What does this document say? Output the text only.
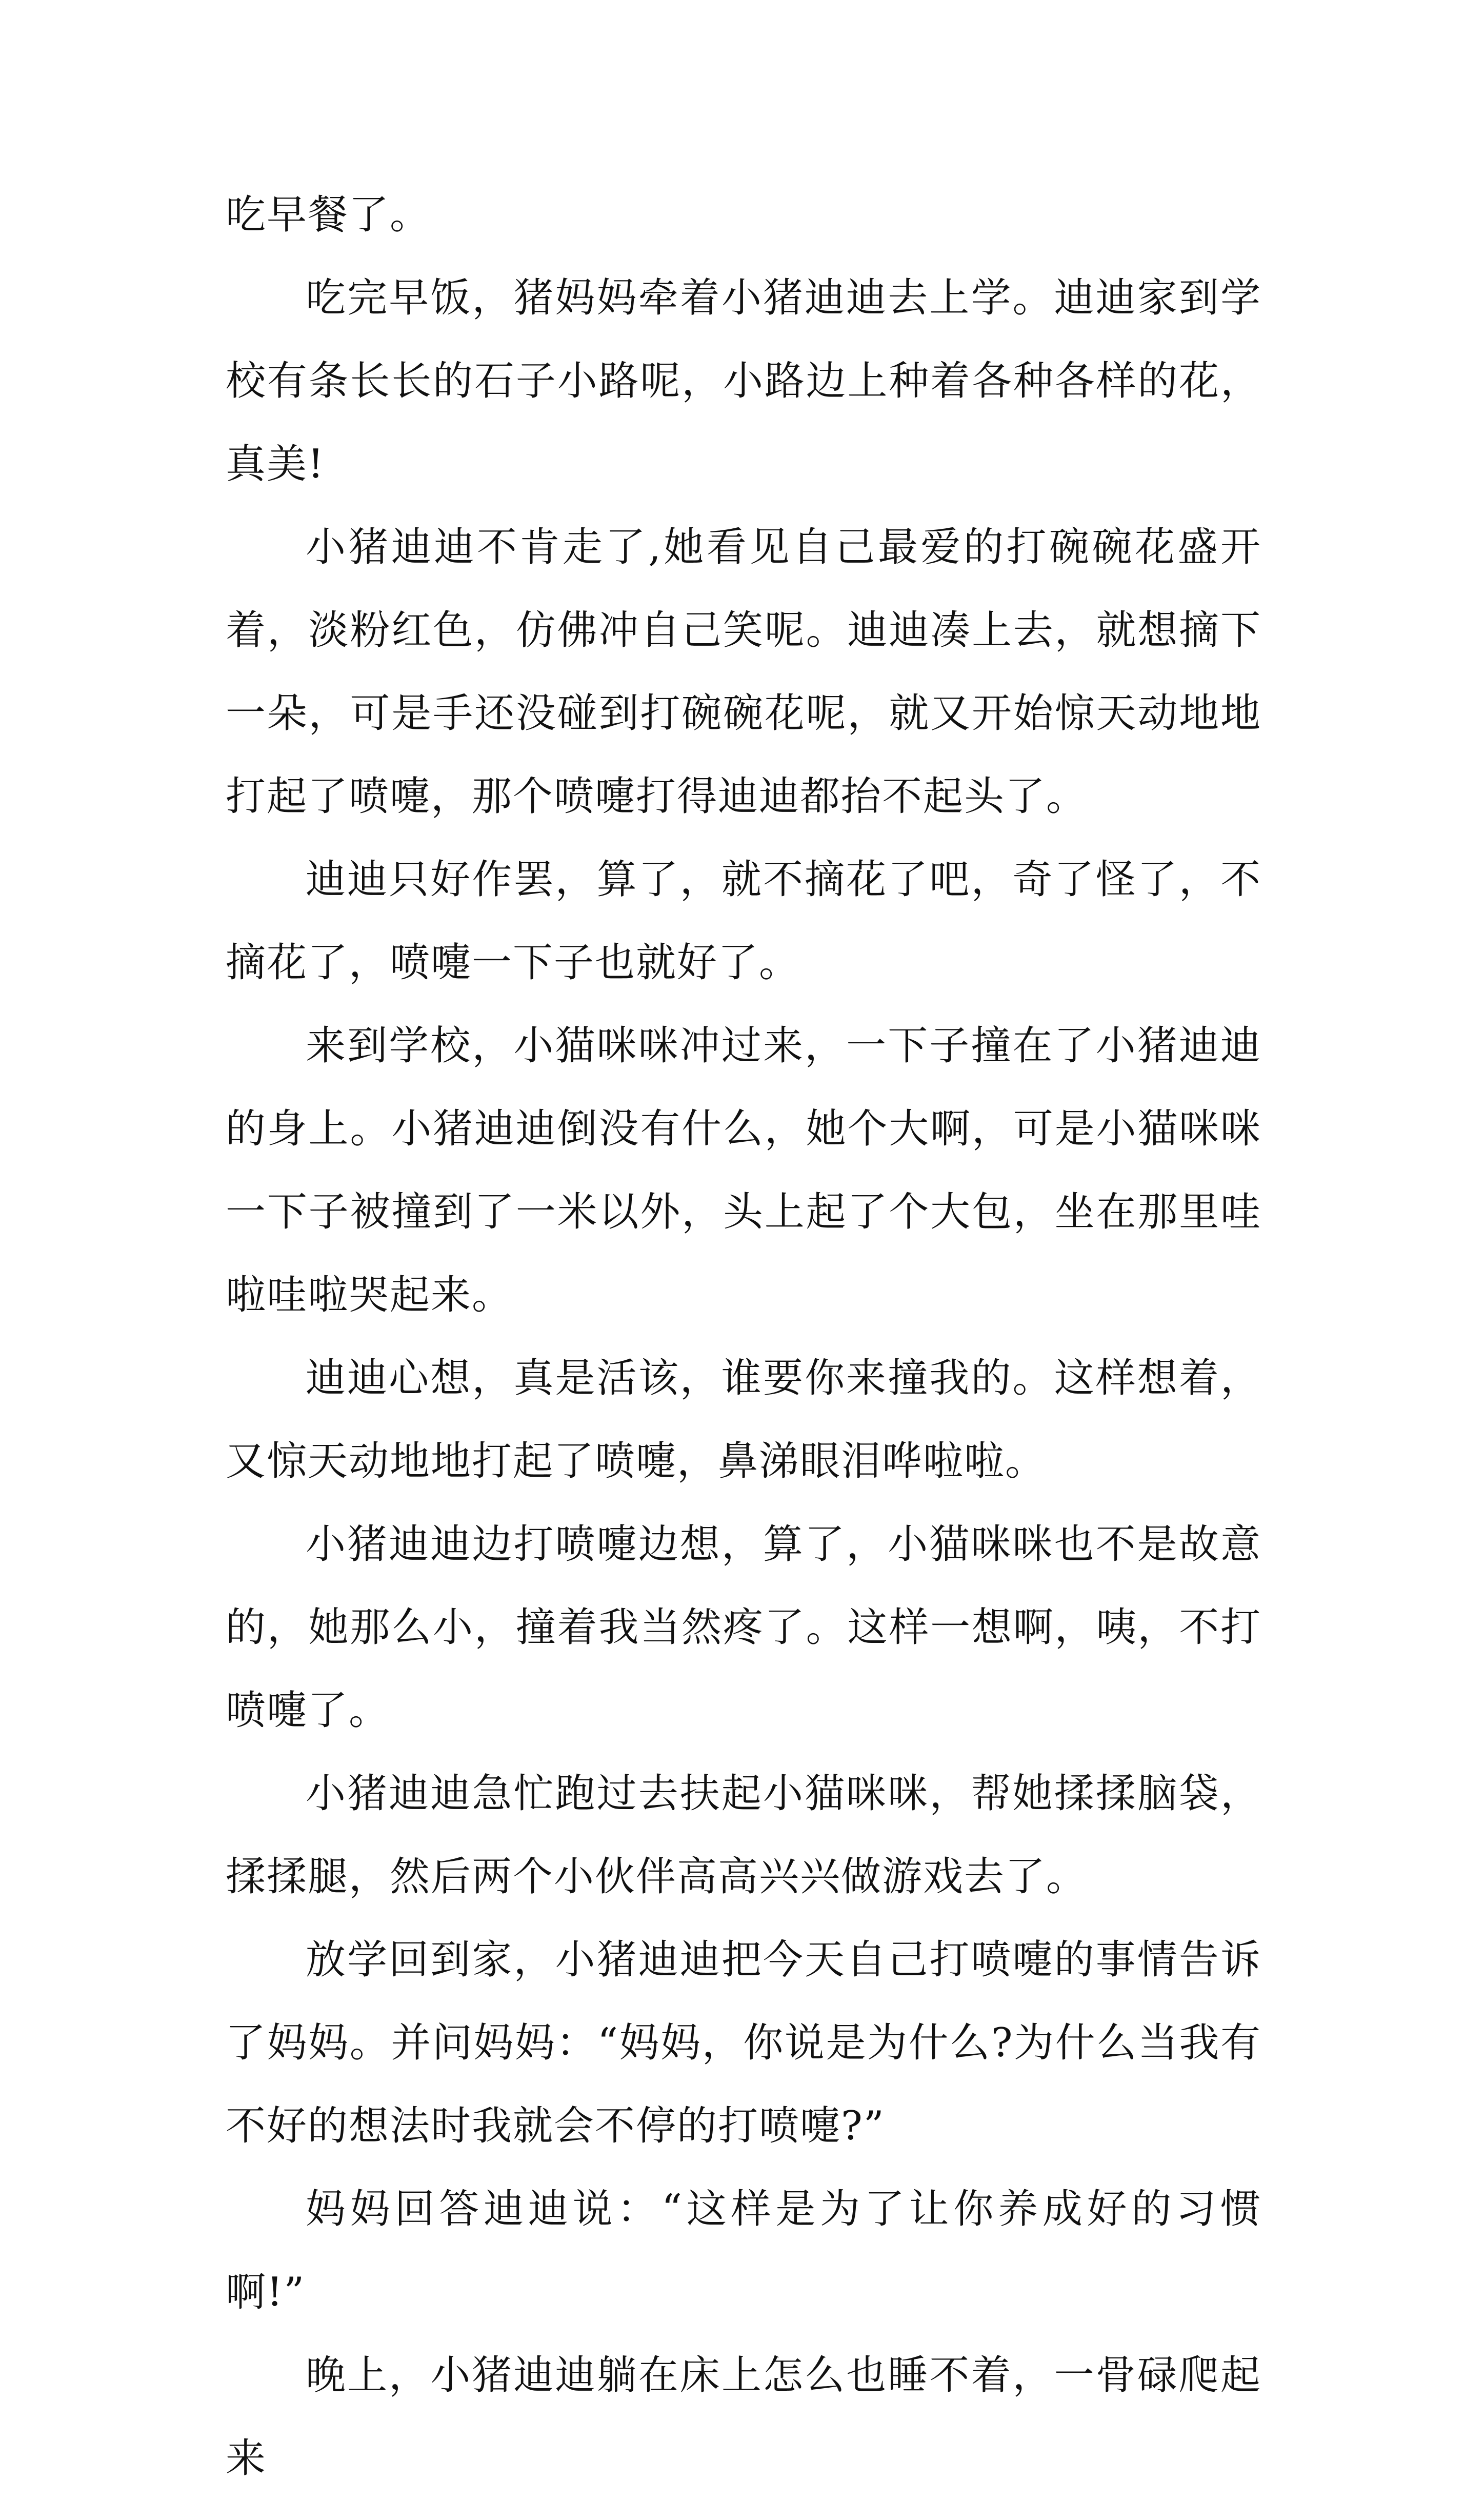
吃早餐了。

吃完早饭，猪妈妈牵着小猪迪迪去上学。迪迪家到学校有条长长的石子小路呢，小路边上种着各种各样的花，真美!

小猪迪迪不肯走了,她看见自己最爱的打碗碗花盛开着，淡粉红色，仿佛冲自己笑呢。迪迪凑上去，就想摘下一朵，可是手还没碰到打碗碗花呢，就又开始惊天动地地打起了喷嚏，那个喷嚏打得迪迪都抬不起头了。

迪迪只好作罢，算了，就不摘花了吧，奇了怪了，不摘花了，喷嚏一下子也就好了。

来到学校，小猫咪咪冲过来，一下子撞在了小猪迪迪的身上。小猪迪迪倒没有什么，她个大啊，可是小猫咪咪一下子被撞到了一米以外，头上起了个大包，坐在那里哇啦哇啦哭起来。

迪迪心想，真是活该，谁要你来撞我的。这样想着，又惊天动地地打起了喷嚏，鼻涕眼泪哗啦啦。

小猪迪迪边打喷嚏边想，算了，小猫咪咪也不是故意的，她那么小，撞着我当然疼了。这样一想啊，咦，不打喷嚏了。

小猪迪迪急忙跑过去扶起小猫咪咪，帮她揉揉脑袋，揉揉腿，然后两个小伙伴高高兴兴做游戏去了。

放学回到家，小猪迪迪把今天自己打喷嚏的事情告诉了妈妈。并问妈妈：“妈妈，你说是为什么?为什么当我有不好的想法时我就会不停的打喷嚏?”

妈妈回答迪迪说：“这样是为了让你养成好的习惯啊!”

晚上，小猪迪迪躺在床上怎么也睡不着，一骨碌爬起来
